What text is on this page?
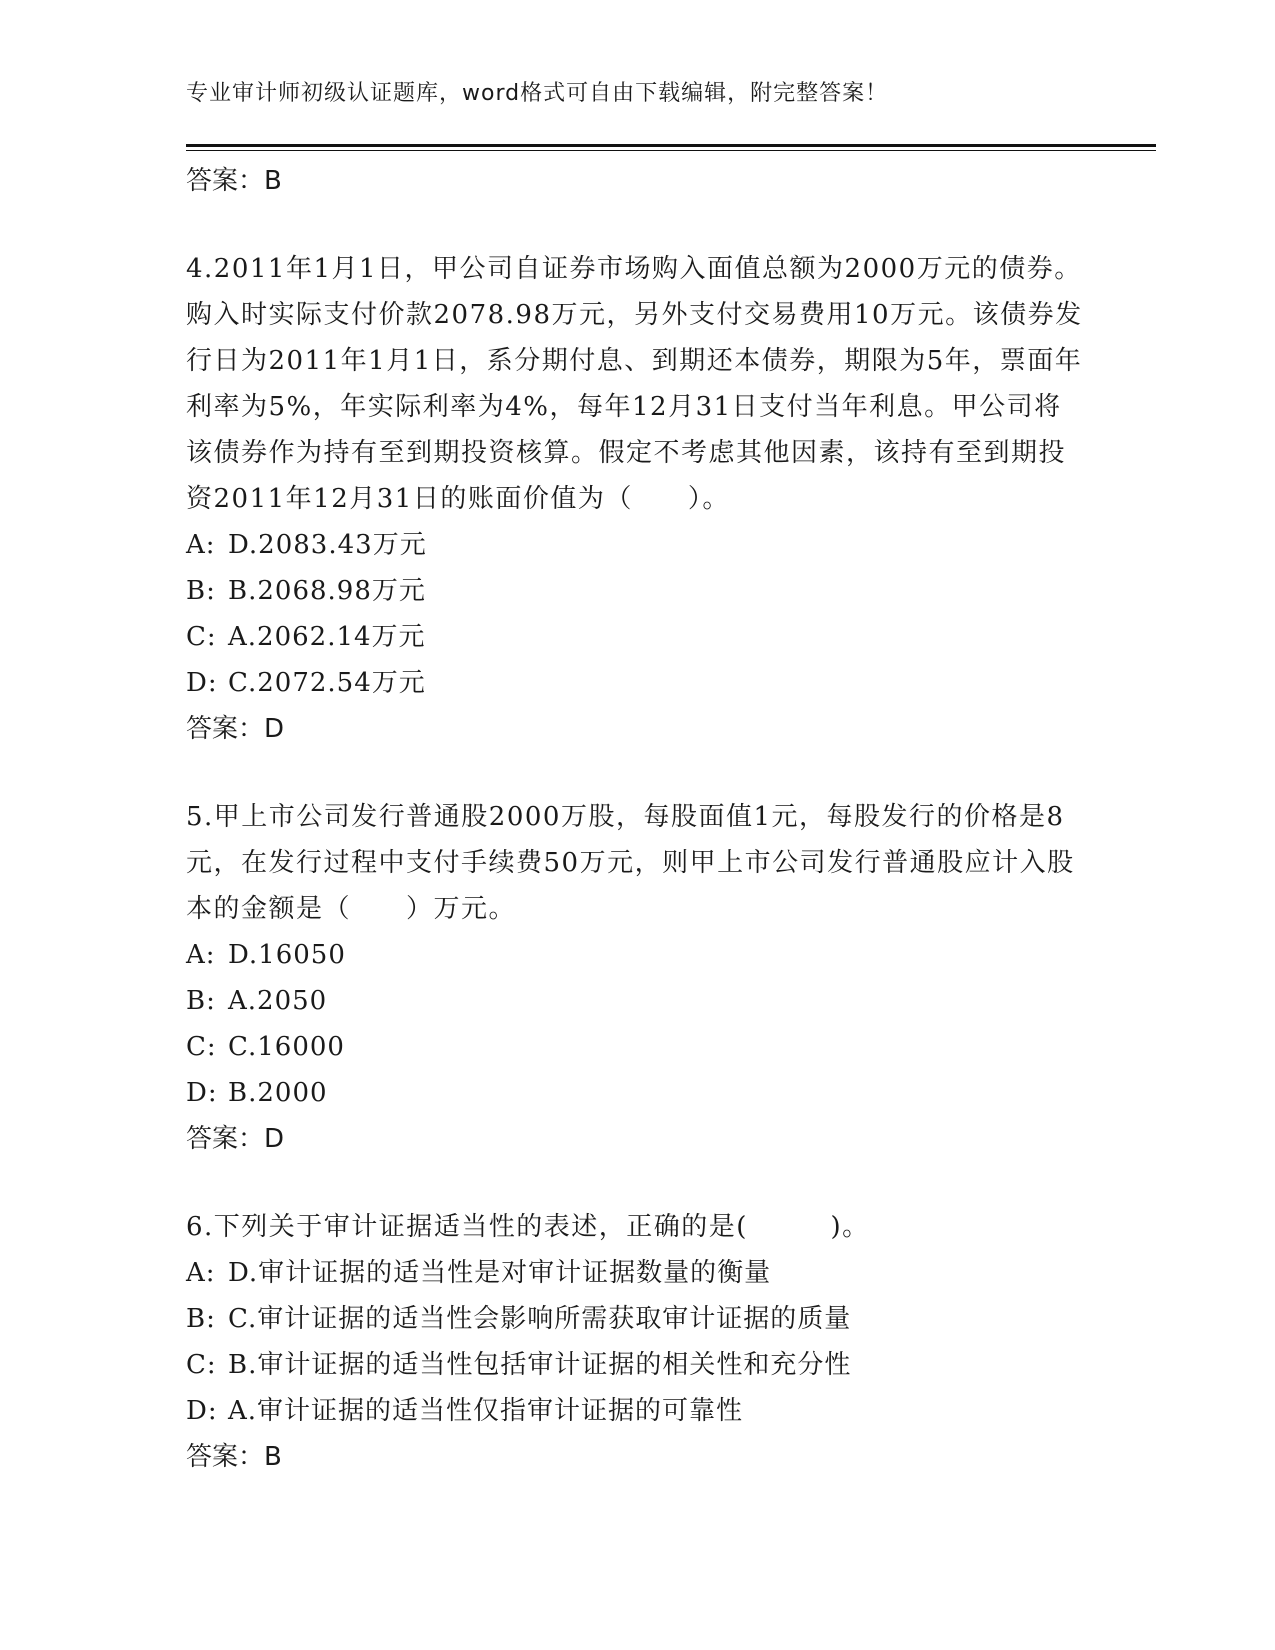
专业审计师初级认证题库，word格式可自由下载编辑，附完整答案！
答案：B

4.2011年1月1日，甲公司自证券市场购入面值总额为2000万元的债券。购入时实际支付价款2078.98万元，另外支付交易费用10万元。该债券发行日为2011年1月1日，系分期付息、到期还本债券，期限为5年，票面年利率为5%，年实际利率为4%，每年12月31日支付当年利息。甲公司将该债券作为持有至到期投资核算。假定不考虑其他因素，该持有至到期投资2011年12月31日的账面价值为（　　）。

A: D.2083.43万元
B: B.2068.98万元
C: A.2062.14万元
D: C.2072.54万元
答案：D

5.甲上市公司发行普通股2000万股，每股面值1元，每股发行的价格是8元，在发行过程中支付手续费50万元，则甲上市公司发行普通股应计入股本的金额是（　　）万元。

A: D.16050
B: A.2050
C: C.16000
D: B.2000
答案：D

6.下列关于审计证据适当性的表述，正确的是(　　　)。

A: D.审计证据的适当性是对审计证据数量的衡量
B: C.审计证据的适当性会影响所需获取审计证据的质量
C: B.审计证据的适当性包括审计证据的相关性和充分性
D: A.审计证据的适当性仅指审计证据的可靠性
答案：B
